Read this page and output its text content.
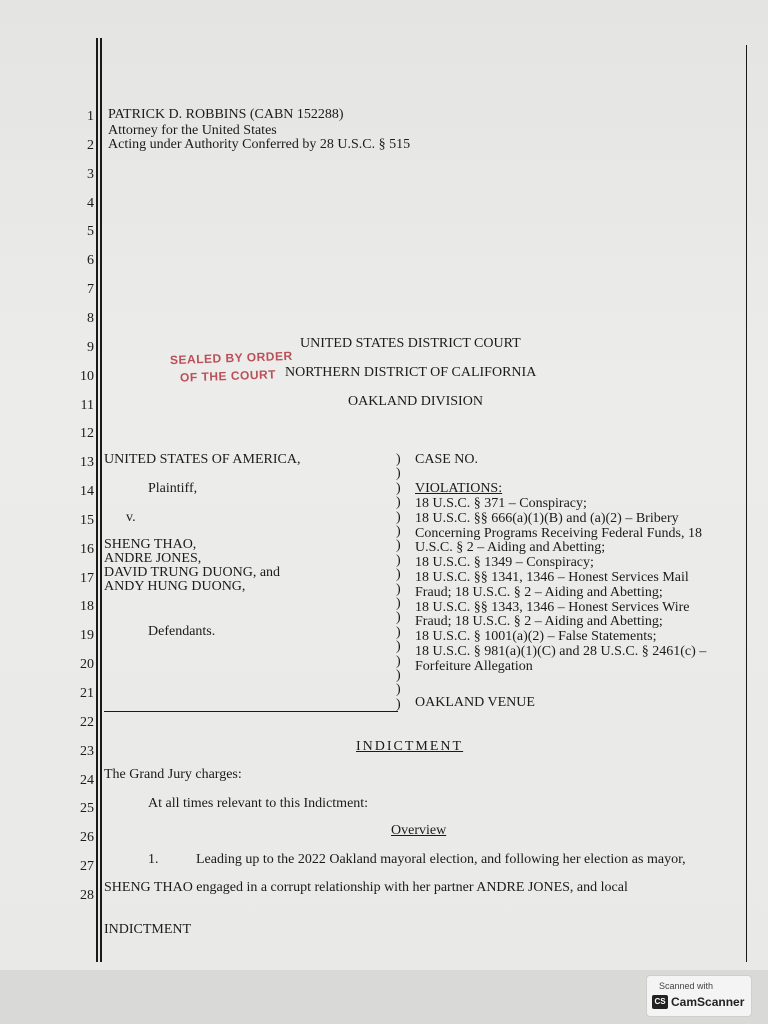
1
2
3
4
5
6
7
8
9
10
11
12
13
14
15
16
17
18
19
20
21
22
23
24
25
26
27
28
PATRICK D. ROBBINS (CABN 152288)
Attorney for the United States
Acting under Authority Conferred by 28 U.S.C. § 515
SEALED BY ORDER
OF THE COURT
UNITED STATES DISTRICT COURT
NORTHERN DISTRICT OF CALIFORNIA
OAKLAND DIVISION
UNITED STATES OF AMERICA,
Plaintiff,
v.
SHENG THAO,
ANDRE JONES,
DAVID TRUNG DUONG, and
ANDY HUNG DUONG,
Defendants.
)
)
)
)
)
)
)
)
)
)
)
)
)
)
)
)
)
)
CASE NO.
VIOLATIONS:
18 U.S.C. § 371 – Conspiracy;
18 U.S.C. §§ 666(a)(1)(B) and (a)(2) – Bribery
Concerning Programs Receiving Federal Funds, 18
U.S.C. § 2 – Aiding and Abetting;
18 U.S.C. § 1349 – Conspiracy;
18 U.S.C. §§ 1341, 1346 – Honest Services Mail
Fraud; 18 U.S.C. § 2 – Aiding and Abetting;
18 U.S.C. §§ 1343, 1346 – Honest Services Wire
Fraud; 18 U.S.C. § 2 – Aiding and Abetting;
18 U.S.C. § 1001(a)(2) – False Statements;
18 U.S.C. § 981(a)(1)(C) and 28 U.S.C. § 2461(c) –
Forfeiture Allegation
OAKLAND VENUE
INDICTMENT
The Grand Jury charges:
At all times relevant to this Indictment:
Overview
1.	Leading up to the 2022 Oakland mayoral election, and following her election as mayor,
SHENG THAO engaged in a corrupt relationship with her partner ANDRE JONES, and local
INDICTMENT
Scanned with
CS CamScanner
